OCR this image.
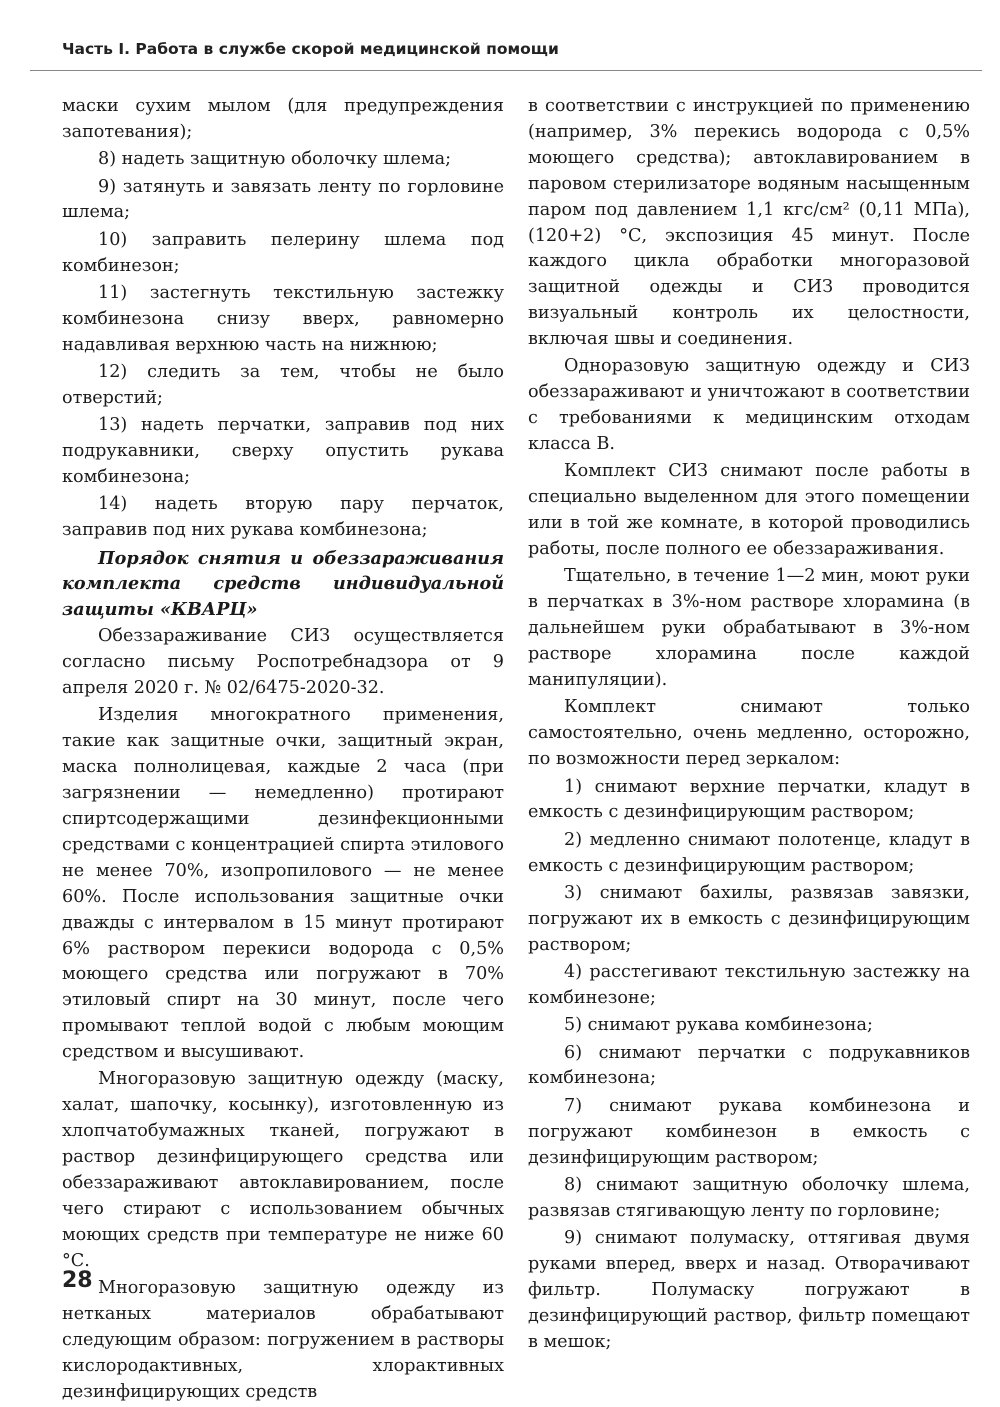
Часть I. Работа в службе скорой медицинской помощи

маски сухим мылом (для предупреждения запотевания);

8) надеть защитную оболочку шлема;

9) затянуть и завязать ленту по горловине шлема;

10) заправить пелерину шлема под комбинезон;

11) застегнуть текстильную застежку комбинезона снизу вверх, равномерно надавливая верхнюю часть на нижнюю;

12) следить за тем, чтобы не было отверстий;

13) надеть перчатки, заправив под них подрукавники, сверху опустить рукава комбинезона;

14) надеть вторую пару перчаток, заправив под них рукава комбинезона;

Порядок снятия и обеззараживания комплекта средств индивидуальной защиты «КВАРЦ»

Обеззараживание СИЗ осуществляется согласно письму Роспотребнадзора от 9 апреля 2020 г. № 02/6475-2020-32.

Изделия многократного применения, такие как защитные очки, защитный экран, маска полнолицевая, каждые 2 часа (при загрязнении — немедленно) протирают спиртсодержащими дезинфекционными средствами с концентрацией спирта этилового не менее 70%, изопропилового — не менее 60%. После использования защитные очки дважды с интервалом в 15 минут протирают 6% раствором перекиси водорода с 0,5% моющего средства или погружают в 70% этиловый спирт на 30 минут, после чего промывают теплой водой с любым моющим средством и высушивают.

Многоразовую защитную одежду (маску, халат, шапочку, косынку), изготовленную из хлопчатобумажных тканей, погружают в раствор дезинфицирующего средства или обеззараживают автоклавированием, после чего стирают с использованием обычных моющих средств при температуре не ниже 60 °С.

Многоразовую защитную одежду из нетканых материалов обрабатывают следующим образом: погружением в растворы кислородактивных, хлорактивных дезинфицирующих средств

в соответствии с инструкцией по применению (например, 3% перекись водорода с 0,5% моющего средства); автоклавированием в паровом стерилизаторе водяным насыщенным паром под давлением 1,1 кгс/см² (0,11 МПа), (120+2) °С, экспозиция 45 минут. После каждого цикла обработки многоразовой защитной одежды и СИЗ проводится визуальный контроль их целостности, включая швы и соединения.

Одноразовую защитную одежду и СИЗ обеззараживают и уничтожают в соответствии с требованиями к медицинским отходам класса В.

Комплект СИЗ снимают после работы в специально выделенном для этого помещении или в той же комнате, в которой проводились работы, после полного ее обеззараживания.

Тщательно, в течение 1—2 мин, моют руки в перчатках в 3%-ном растворе хлорамина (в дальнейшем руки обрабатывают в 3%-ном растворе хлорамина после каждой манипуляции).

Комплект снимают только самостоятельно, очень медленно, осторожно, по возможности перед зеркалом:

1) снимают верхние перчатки, кладут в емкость с дезинфицирующим раствором;

2) медленно снимают полотенце, кладут в емкость с дезинфицирующим раствором;

3) снимают бахилы, развязав завязки, погружают их в емкость с дезинфицирующим раствором;

4) расстегивают текстильную застежку на комбинезоне;

5) снимают рукава комбинезона;

6) снимают перчатки с подрукавников комбинезона;

7) снимают рукава комбинезона и погружают комбинезон в емкость с дезинфицирующим раствором;

8) снимают защитную оболочку шлема, развязав стягивающую ленту по горловине;

9) снимают полумаску, оттягивая двумя руками вперед, вверх и назад. Отворачивают фильтр. Полумаску погружают в дезинфицирующий раствор, фильтр помещают в мешок;

28
